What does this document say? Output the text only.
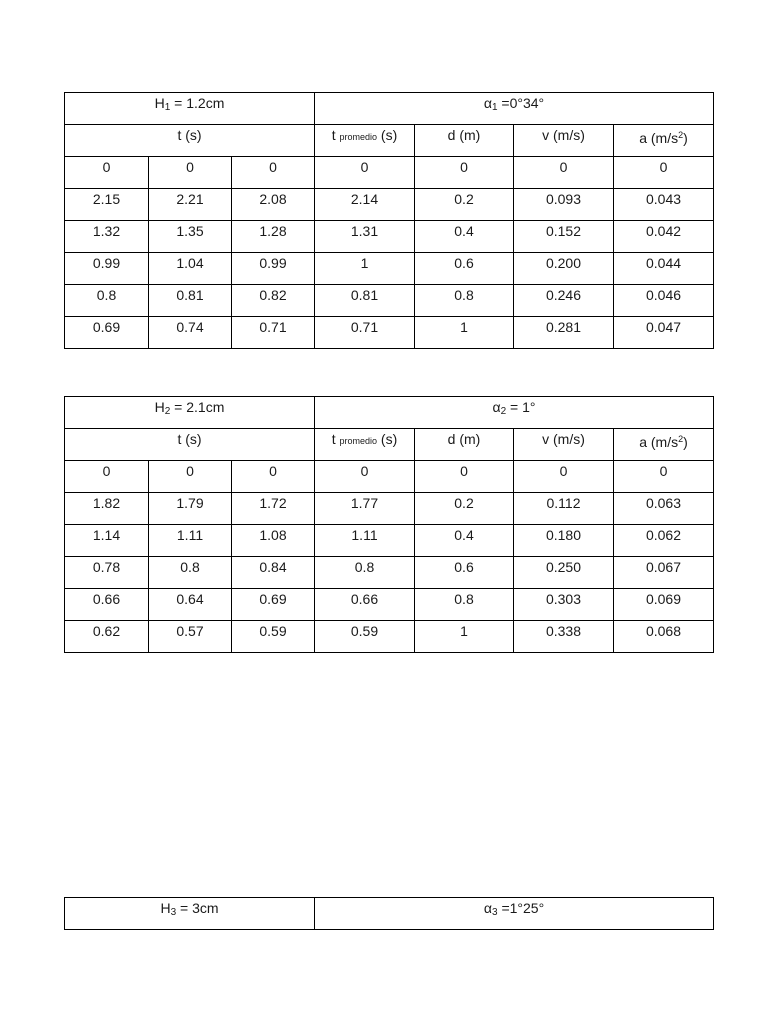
$H_1 = 1.2cm$			$\alpha_1 =0^\circ 34^\circ$			
t (s)			t promedio (s)	d (m)	v (m/s)	a $(m/s^2)$
0	0	0	0	0	0	0
2.15	2.21	2.08	2.14	0.2	0.093	0.043
1.32	1.35	1.28	1.31	0.4	0.152	0.042
0.99	1.04	0.99	1	0.6	0.200	0.044
0.8	0.81	0.82	0.81	0.8	0.246	0.046
0.69	0.74	0.71	0.71	1	0.281	0.047
$H_2 = 2.1cm$			$\alpha_2 = 1^\circ$			
t (s)			t promedio (s)	d (m)	v (m/s)	a $(m/s^2)$
0	0	0	0	0	0	0
1.82	1.79	1.72	1.77	0.2	0.112	0.063
1.14	1.11	1.08	1.11	0.4	0.180	0.062
0.78	0.8	0.84	0.8	0.6	0.250	0.067
0.66	0.64	0.69	0.66	0.8	0.303	0.069
0.62	0.57	0.59	0.59	1	0.338	0.068
$H_3 = 3cm$	$\alpha_3 =1^\circ 25^\circ$
